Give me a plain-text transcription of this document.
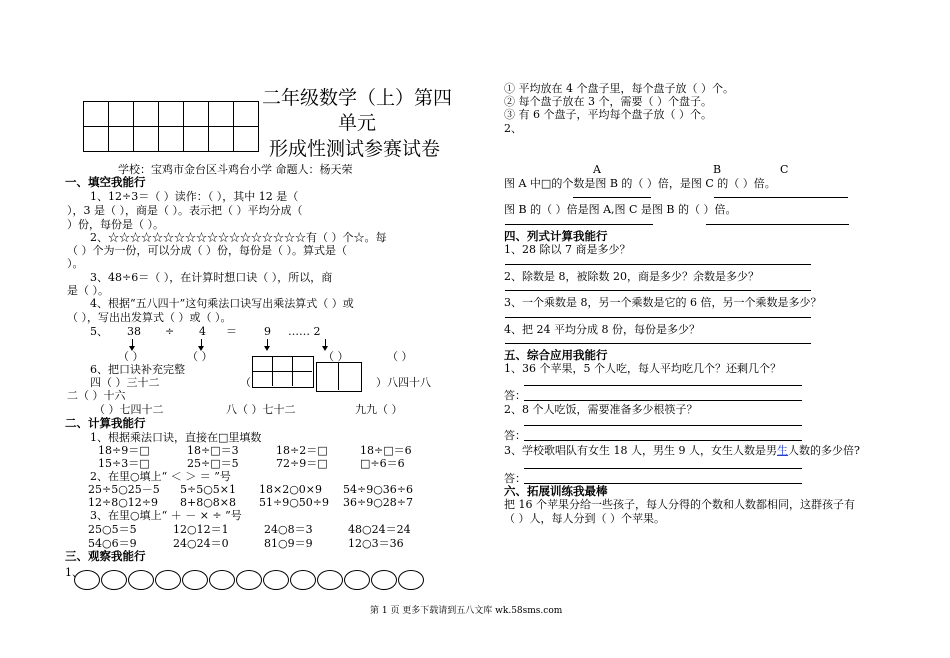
二年级数学（上）第四
单元
形成性测试参赛试卷
学校：宝鸡市金台区斗鸡台小学 命题人：杨天荣
一、填空我能行
1、12÷3＝（ ）读作：（ ），其中 12 是（
），3 是（ ），商是（ ）。表示把（ ）平均分成（
）份，每份是（ ）。
2、☆☆☆☆☆☆☆☆☆☆☆☆☆☆☆☆☆☆有（ ）个☆。每
（ ）个为一份，可以分成（ ）份，每份是（ ）。算式是（
）。
3、48÷6＝（ ），在计算时想口诀（ ），所以，商
是（ ）。
4、根据“五八四十”这句乘法口诀写出乘法算式（ ）或
（ ），写出出发算式（ ）或（ ）。
5、 38 ÷ 4 ＝ 9 …… 2
（ ）	（ ）	（ ）	（ ）
6、把口诀补充完整
四（ ）三十二	（	）八四十八
二（ ）十六
（ ）七四十二	八（ ）七十二	九九（ ）
二、计算我能行
1、根据乘法口诀，直接在□里填数
18÷9＝□	18÷□＝3	18÷2＝□	18÷□＝6
15÷3＝□	25÷□＝5	72÷9＝□	□÷6＝6
2、在里○填上“ ＜ ＞ ＝ ”号
25÷5○25－5 5÷5○5×1 18×2○0×9 54÷9○36÷6
12÷8○12÷9 8+8○8×8 51÷9○50÷9 36÷9○28÷7
3、在里○填上“ ＋ － × ÷ ”号
25○5＝5	12○12＝1	24○8＝3	48○24＝24
54○6＝9	24○24＝0	81○9＝9	12○3＝36
三、观察我能行
1、
① 平均放在 4 个盘子里，每个盘子放（ ）个。
② 每个盘子放在 3 个，需要（ ）个盘子。
③ 有 6 个盘子，平均每个盘子放（ ）个。
2、
A	B	C
图 A 中□的个数是图 B 的（ ）倍，是图 C 的（ ）倍。
图 B 的（ ）倍是图 A,图 C 是图 B 的（ ）倍。
四、列式计算我能行
1、28 除以 7 商是多少？
2、除数是 8，被除数 20，商是多少？余数是多少？
3、一个乘数是 8，另一个乘数是它的 6 倍，另一个乘数是多少？
4、把 24 平均分成 8 份，每份是多少？
五、综合应用我能行
1、36 个苹果，5 个人吃，每人平均吃几个？还剩几个？
答：
2、8 个人吃饭，需要准备多少根筷子？
答：
3、学校歌唱队有女生 18 人，男生 9 人，女生人数是男生人数的多少倍?
答：
六、拓展训练我最棒
把 16 个苹果分给一些孩子，每人分得的个数和人数都相同，这群孩子有
（ ）人，每人分到（ ）个苹果。
第 1 页 更多下载请到五八文库 wk.58sms.com
